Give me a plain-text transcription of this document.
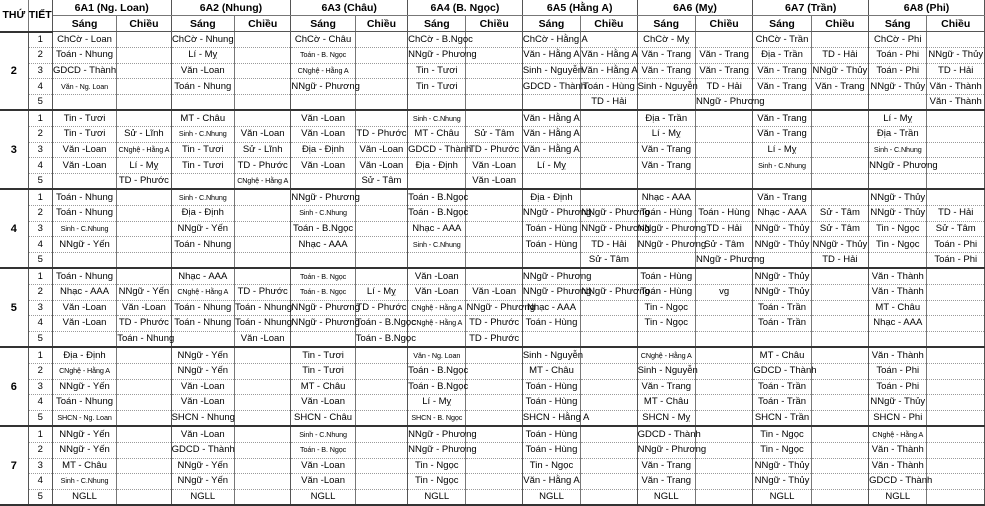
THỨ	TIẾT	6A1 (Ng. Loan)		6A2 (Nhung)		6A3 (Châu)		6A4 (B. Ngọc)		6A5 (Hằng A)		6A6 (Mỵ)		6A7 (Trần)		6A8 (Phi)	
		Sáng	Chiều	Sáng	Chiều	Sáng	Chiều	Sáng	Chiều	Sáng	Chiều	Sáng	Chiều	Sáng	Chiều	Sáng	Chiều
2	1	ChCờ - Loan		ChCờ - Nhung		ChCờ - Châu		ChCờ - B.Ngọc		ChCờ - Hằng A		ChCờ - Mỵ		ChCờ - Trần		ChCờ - Phi	
	2	Toán - Nhung		Lí - Mỵ		Toán - B. Ngọc		NNgữ - Phương		Văn - Hằng A	Văn - Hằng A	Văn - Trang	Văn - Trang	Địa - Trần	TD - Hải	Toán - Phi	NNgữ - Thủy
	3	GDCD - Thành		Văn -Loan		CNghệ - Hằng A		Tin - Tươi		Sinh - Nguyễn	Văn - Hằng A	Văn - Trang	Văn - Trang	Văn - Trang	NNgữ - Thủy	Toán - Phi	TD - Hải
	4	Văn - Ng. Loan		Toán - Nhung		NNgữ - Phương		Tin - Tươi		GDCD - Thành	Toán - Hùng	Sinh - Nguyễn	TD - Hải	Văn - Trang	Văn - Trang	NNgữ - Thủy	Văn - Thành
	5										TD - Hải		NNgữ - Phương				Văn - Thành
3	1	Tin - Tươi		MT - Châu		Văn -Loan		Sinh - C.Nhung		Văn - Hằng A		Địa - Trần		Văn - Trang		Lí - Mỵ	
	2	Tin - Tươi	Sử - Lĩnh	Sinh - C.Nhung	Văn -Loan	Văn -Loan	TD - Phước	MT - Châu	Sử - Tâm	Văn - Hằng A		Lí - Mỵ		Văn - Trang		Địa - Trần	
	3	Văn -Loan	CNghệ - Hằng A	Tin - Tươi	Sử - Lĩnh	Địa - Định	Văn -Loan	GDCD - Thành	TD - Phước	Văn - Hằng A		Văn - Trang		Lí - Mỵ		Sinh - C.Nhung	
	4	Văn -Loan	Lí - Mỵ	Tin - Tươi	TD - Phước	Văn -Loan	Văn -Loan	Địa - Định	Văn -Loan	Lí - Mỵ		Văn - Trang		Sinh - C.Nhung		NNgữ - Phương	
	5		TD - Phước		CNghệ - Hằng A		Sử - Tâm		Văn -Loan								
4	1	Toán - Nhung		Sinh - C.Nhung		NNgữ - Phương		Toán - B.Ngọc		Địa - Định		Nhạc - AAA		Văn - Trang		NNgữ - Thủy	
	2	Toán - Nhung		Địa - Định		Sinh - C.Nhung		Toán - B.Ngọc		NNgữ - Phương	NNgữ - Phương	Toán - Hùng	Toán - Hùng	Nhạc - AAA	Sử - Tâm	NNgữ - Thủy	TD - Hải
	3	Sinh - C.Nhung		NNgữ - Yến		Toán - B.Ngọc		Nhạc - AAA		Toán - Hùng	NNgữ - Phương	NNgữ - Phương	TD - Hải	NNgữ - Thủy	Sử - Tâm	Tin - Ngọc	Sử - Tâm
	4	NNgữ - Yến		Toán - Nhung		Nhạc - AAA		Sinh - C.Nhung		Toán - Hùng	TD - Hải	NNgữ - Phương	Sử - Tâm	NNgữ - Thủy	NNgữ - Thủy	Tin - Ngọc	Toán - Phi
	5										Sử - Tâm		NNgữ - Phương		TD - Hải		Toán - Phi
5	1	Toán - Nhung		Nhạc - AAA		Toán - B. Ngọc		Văn -Loan		NNgữ - Phương		Toán - Hùng		NNgữ - Thủy		Văn - Thành	
	2	Nhạc - AAA	NNgữ - Yến	CNghệ - Hằng A	TD - Phước	Toán - B. Ngọc	Lí - Mỵ	Văn -Loan	Văn -Loan	NNgữ - Phương	NNgữ - Phương	Toán - Hùng	vg	NNgữ - Thủy		Văn - Thành	
	3	Văn -Loan	Văn -Loan	Toán - Nhung	Toán - Nhung	NNgữ - Phương	TD - Phước	CNghệ - Hằng A	NNgữ - Phương	Nhạc - AAA		Tin - Ngọc		Toán - Trần		MT - Châu	
	4	Văn -Loan	TD - Phước	Toán - Nhung	Toán - Nhung	NNgữ - Phương	Toán - B.Ngọc	CNghệ - Hằng A	TD - Phước	Toán - Hùng		Tin - Ngọc		Toán - Trần		Nhạc - AAA	
	5		Toán - Nhung		Văn -Loan		Toán - B.Ngọc		TD - Phước								
6	1	Địa - Định		NNgữ - Yến		Tin - Tươi		Văn - Ng. Loan		Sinh - Nguyễn		CNghệ - Hằng A		MT - Châu		Văn - Thành	
	2	CNghệ - Hằng A		NNgữ - Yến		Tin - Tươi		Toán - B.Ngọc		MT - Châu		Sinh - Nguyễn		GDCD - Thành		Toán - Phi	
	3	NNgữ - Yến		Văn -Loan		MT - Châu		Toán - B.Ngọc		Toán - Hùng		Văn - Trang		Toán - Trần		Toán - Phi	
	4	Toán - Nhung		Văn -Loan		Văn -Loan		Lí - Mỵ		Toán - Hùng		MT - Châu		Toán - Trần		NNgữ - Thủy	
	5	SHCN - Ng. Loan		SHCN - Nhung		SHCN - Châu		SHCN - B. Ngọc		SHCN - Hằng A		SHCN - Mỵ		SHCN - Trần		SHCN - Phi	
7	1	NNgữ - Yến		Văn -Loan		Sinh - C.Nhung		NNgữ - Phương		Toán - Hùng		GDCD - Thành		Tin - Ngọc		CNghệ - Hằng A	
	2	NNgữ - Yến		GDCD - Thành		Toán - B. Ngọc		NNgữ - Phương		Toán - Hùng		NNgữ - Phương		Tin - Ngọc		Văn - Thành	
	3	MT - Châu		NNgữ - Yến		Văn -Loan		Tin - Ngọc		Tin - Ngọc		Văn - Trang		NNgữ - Thủy		Văn - Thành	
	4	Sinh - C.Nhung		NNgữ - Yến		Văn -Loan		Tin - Ngọc		Văn - Hằng A		Văn - Trang		NNgữ - Thủy		GDCD - Thành	
	5	NGLL		NGLL		NGLL		NGLL		NGLL		NGLL		NGLL		NGLL	
